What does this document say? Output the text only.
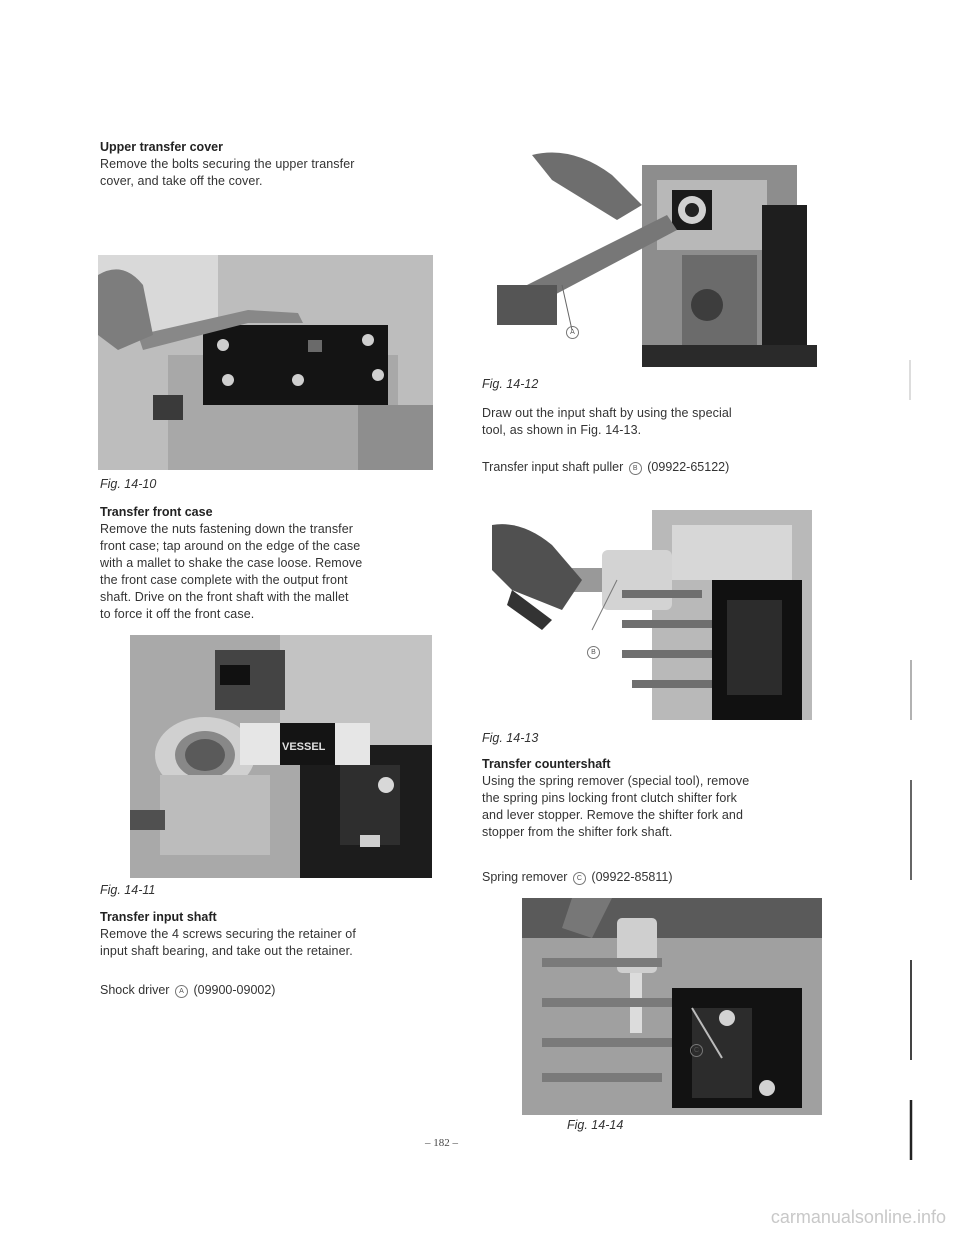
Upper transfer cover
Remove the bolts securing the upper transfer
cover, and take off the cover.
Fig. 14-10
Transfer front case
Remove the nuts fastening down the transfer
front case; tap around on the edge of the case
with a mallet to shake the case loose. Remove
the front case complete with the output front
shaft. Drive on the front shaft with the mallet
to force it off the front case.
VESSEL
Fig. 14-11
Transfer input shaft
Remove the 4 screws securing the retainer of
input shaft bearing, and take out the retainer.
Shock driver A (09900-09002)
A
Fig. 14-12
Draw out the input shaft by using the special
tool, as shown in Fig. 14-13.
Transfer input shaft puller B (09922-65122)
B
Fig. 14-13
Transfer countershaft
Using the spring remover (special tool), remove
the spring pins locking front clutch shifter fork
and lever stopper. Remove the shifter fork and
stopper from the shifter fork shaft.
Spring remover C (09922-85811)
C
Fig. 14-14
– 182 –
carmanualsonline.info
